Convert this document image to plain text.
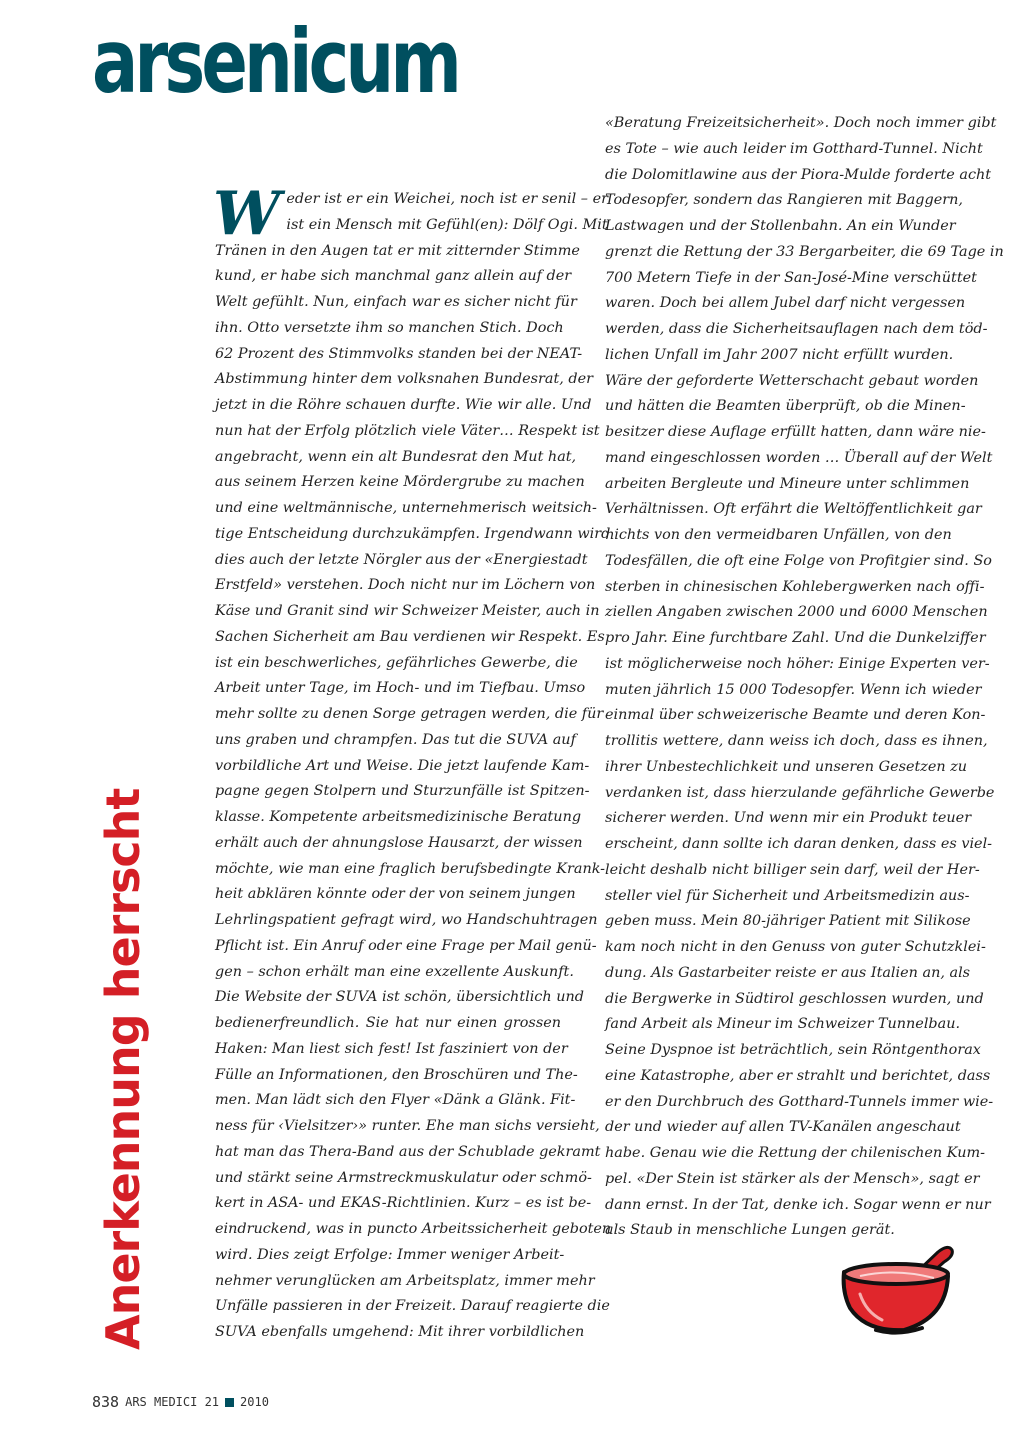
arsenicum
Anerkennung herrscht
W eder ist er ein Weichei, noch ist er senil – er
ist ein Mensch mit Gefühl(en): Dölf Ogi. Mit
Tränen in den Augen tat er mit zitternder Stimme
kund, er habe sich manchmal ganz allein auf der
Welt gefühlt. Nun, einfach war es sicher nicht für
ihn. Otto versetzte ihm so manchen Stich. Doch
62 Prozent des Stimmvolks standen bei der NEAT-
Abstimmung hinter dem volksnahen Bundesrat, der
jetzt in die Röhre schauen durfte. Wie wir alle. Und
nun hat der Erfolg plötzlich viele Väter… Respekt ist
angebracht, wenn ein alt Bundesrat den Mut hat,
aus seinem Herzen keine Mördergrube zu machen
und eine weltmännische, unternehmerisch weitsich-
tige Entscheidung durchzukämpfen. Irgendwann wird
dies auch der letzte Nörgler aus der «Energiestadt
Erstfeld» verstehen. Doch nicht nur im Löchern von
Käse und Granit sind wir Schweizer Meister, auch in
Sachen Sicherheit am Bau verdienen wir Respekt. Es
ist ein beschwerliches, gefährliches Gewerbe, die
Arbeit unter Tage, im Hoch- und im Tiefbau. Umso
mehr sollte zu denen Sorge getragen werden, die für
uns graben und chrampfen. Das tut die SUVA auf
vorbildliche Art und Weise. Die jetzt laufende Kam-
pagne gegen Stolpern und Sturzunfälle ist Spitzen-
klasse. Kompetente arbeitsmedizinische Beratung
erhält auch der ahnungslose Hausarzt, der wissen
möchte, wie man eine fraglich berufsbedingte Krank-
heit abklären könnte oder der von seinem jungen
Lehrlingspatient gefragt wird, wo Handschuhtragen
Pflicht ist. Ein Anruf oder eine Frage per Mail genü-
gen – schon erhält man eine exzellente Auskunft.
Die Website der SUVA ist schön, übersichtlich und
bedienerfreundlich. Sie hat nur einen grossen
Haken: Man liest sich fest! Ist fasziniert von der
Fülle an Informationen, den Broschüren und The-
men. Man lädt sich den Flyer «Dänk a Glänk. Fit-
ness für ‹Vielsitzer›» runter. Ehe man sichs versieht,
hat man das Thera-Band aus der Schublade gekramt
und stärkt seine Armstreckmuskulatur oder schmö-
kert in ASA- und EKAS-Richtlinien. Kurz – es ist be-
eindruckend, was in puncto Arbeitssicherheit geboten
wird. Dies zeigt Erfolge: Immer weniger Arbeit-
nehmer verunglücken am Arbeitsplatz, immer mehr
Unfälle passieren in der Freizeit. Darauf reagierte die
SUVA ebenfalls umgehend: Mit ihrer vorbildlichen
«Beratung Freizeitsicherheit». Doch noch immer gibt
es Tote – wie auch leider im Gotthard-Tunnel. Nicht
die Dolomitlawine aus der Piora-Mulde forderte acht
Todesopfer, sondern das Rangieren mit Baggern,
Lastwagen und der Stollenbahn. An ein Wunder
grenzt die Rettung der 33 Bergarbeiter, die 69 Tage in
700 Metern Tiefe in der San-José-Mine verschüttet
waren. Doch bei allem Jubel darf nicht vergessen
werden, dass die Sicherheitsauflagen nach dem töd-
lichen Unfall im Jahr 2007 nicht erfüllt wurden.
Wäre der geforderte Wetterschacht gebaut worden
und hätten die Beamten überprüft, ob die Minen-
besitzer diese Auflage erfüllt hatten, dann wäre nie-
mand eingeschlossen worden … Überall auf der Welt
arbeiten Bergleute und Mineure unter schlimmen
Verhältnissen. Oft erfährt die Weltöffentlichkeit gar
nichts von den vermeidbaren Unfällen, von den
Todesfällen, die oft eine Folge von Profitgier sind. So
sterben in chinesischen Kohlebergwerken nach offi-
ziellen Angaben zwischen 2000 und 6000 Menschen
pro Jahr. Eine furchtbare Zahl. Und die Dunkelziffer
ist möglicherweise noch höher: Einige Experten ver-
muten jährlich 15 000 Todesopfer. Wenn ich wieder
einmal über schweizerische Beamte und deren Kon-
trollitis wettere, dann weiss ich doch, dass es ihnen,
ihrer Unbestechlichkeit und unseren Gesetzen zu
verdanken ist, dass hierzulande gefährliche Gewerbe
sicherer werden. Und wenn mir ein Produkt teuer
erscheint, dann sollte ich daran denken, dass es viel-
leicht deshalb nicht billiger sein darf, weil der Her-
steller viel für Sicherheit und Arbeitsmedizin aus-
geben muss. Mein 80-jähriger Patient mit Silikose
kam noch nicht in den Genuss von guter Schutzklei-
dung. Als Gastarbeiter reiste er aus Italien an, als
die Bergwerke in Südtirol geschlossen wurden, und
fand Arbeit als Mineur im Schweizer Tunnelbau.
Seine Dyspnoe ist beträchtlich, sein Röntgenthorax
eine Katastrophe, aber er strahlt und berichtet, dass
er den Durchbruch des Gotthard-Tunnels immer wie-
der und wieder auf allen TV-Kanälen angeschaut
habe. Genau wie die Rettung der chilenischen Kum-
pel. «Der Stein ist stärker als der Mensch», sagt er
dann ernst. In der Tat, denke ich. Sogar wenn er nur
als Staub in menschliche Lungen gerät.
838 ARS MEDICI 21 2010
